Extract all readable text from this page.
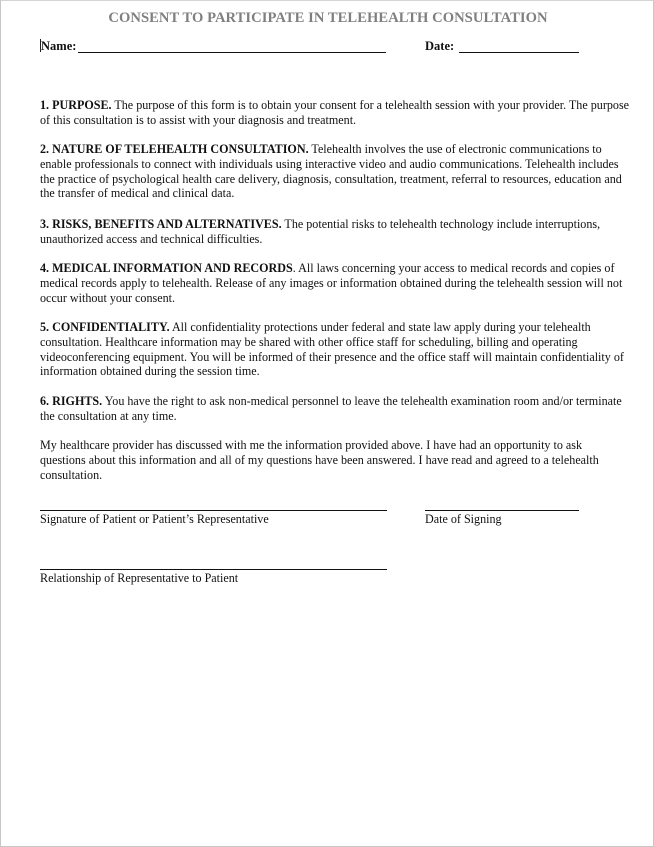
CONSENT TO PARTICIPATE IN TELEHEALTH CONSULTATION
Name:	Date:
1. PURPOSE. The purpose of this form is to obtain your consent for a telehealth session with your provider. The purpose of this consultation is to assist with your diagnosis and treatment.
2. NATURE OF TELEHEALTH CONSULTATION. Telehealth involves the use of electronic communications to enable professionals to connect with individuals using interactive video and audio communications. Telehealth includes the practice of psychological health care delivery, diagnosis, consultation, treatment, referral to resources, education and the transfer of medical and clinical data.
3. RISKS, BENEFITS AND ALTERNATIVES. The potential risks to telehealth technology include interruptions, unauthorized access and technical difficulties.
4. MEDICAL INFORMATION AND RECORDS. All laws concerning your access to medical records and copies of medical records apply to telehealth. Release of any images or information obtained during the telehealth session will not occur without your consent.
5. CONFIDENTIALITY. All confidentiality protections under federal and state law apply during your telehealth consultation. Healthcare information may be shared with other office staff for scheduling, billing and operating videoconferencing equipment. You will be informed of their presence and the office staff will maintain confidentiality of information obtained during the session time.
6. RIGHTS. You have the right to ask non-medical personnel to leave the telehealth examination room and/or terminate the consultation at any time.
My healthcare provider has discussed with me the information provided above. I have had an opportunity to ask questions about this information and all of my questions have been answered. I have read and agreed to a telehealth consultation.
Signature of Patient or Patient’s Representative	Date of Signing
Relationship of Representative to Patient
